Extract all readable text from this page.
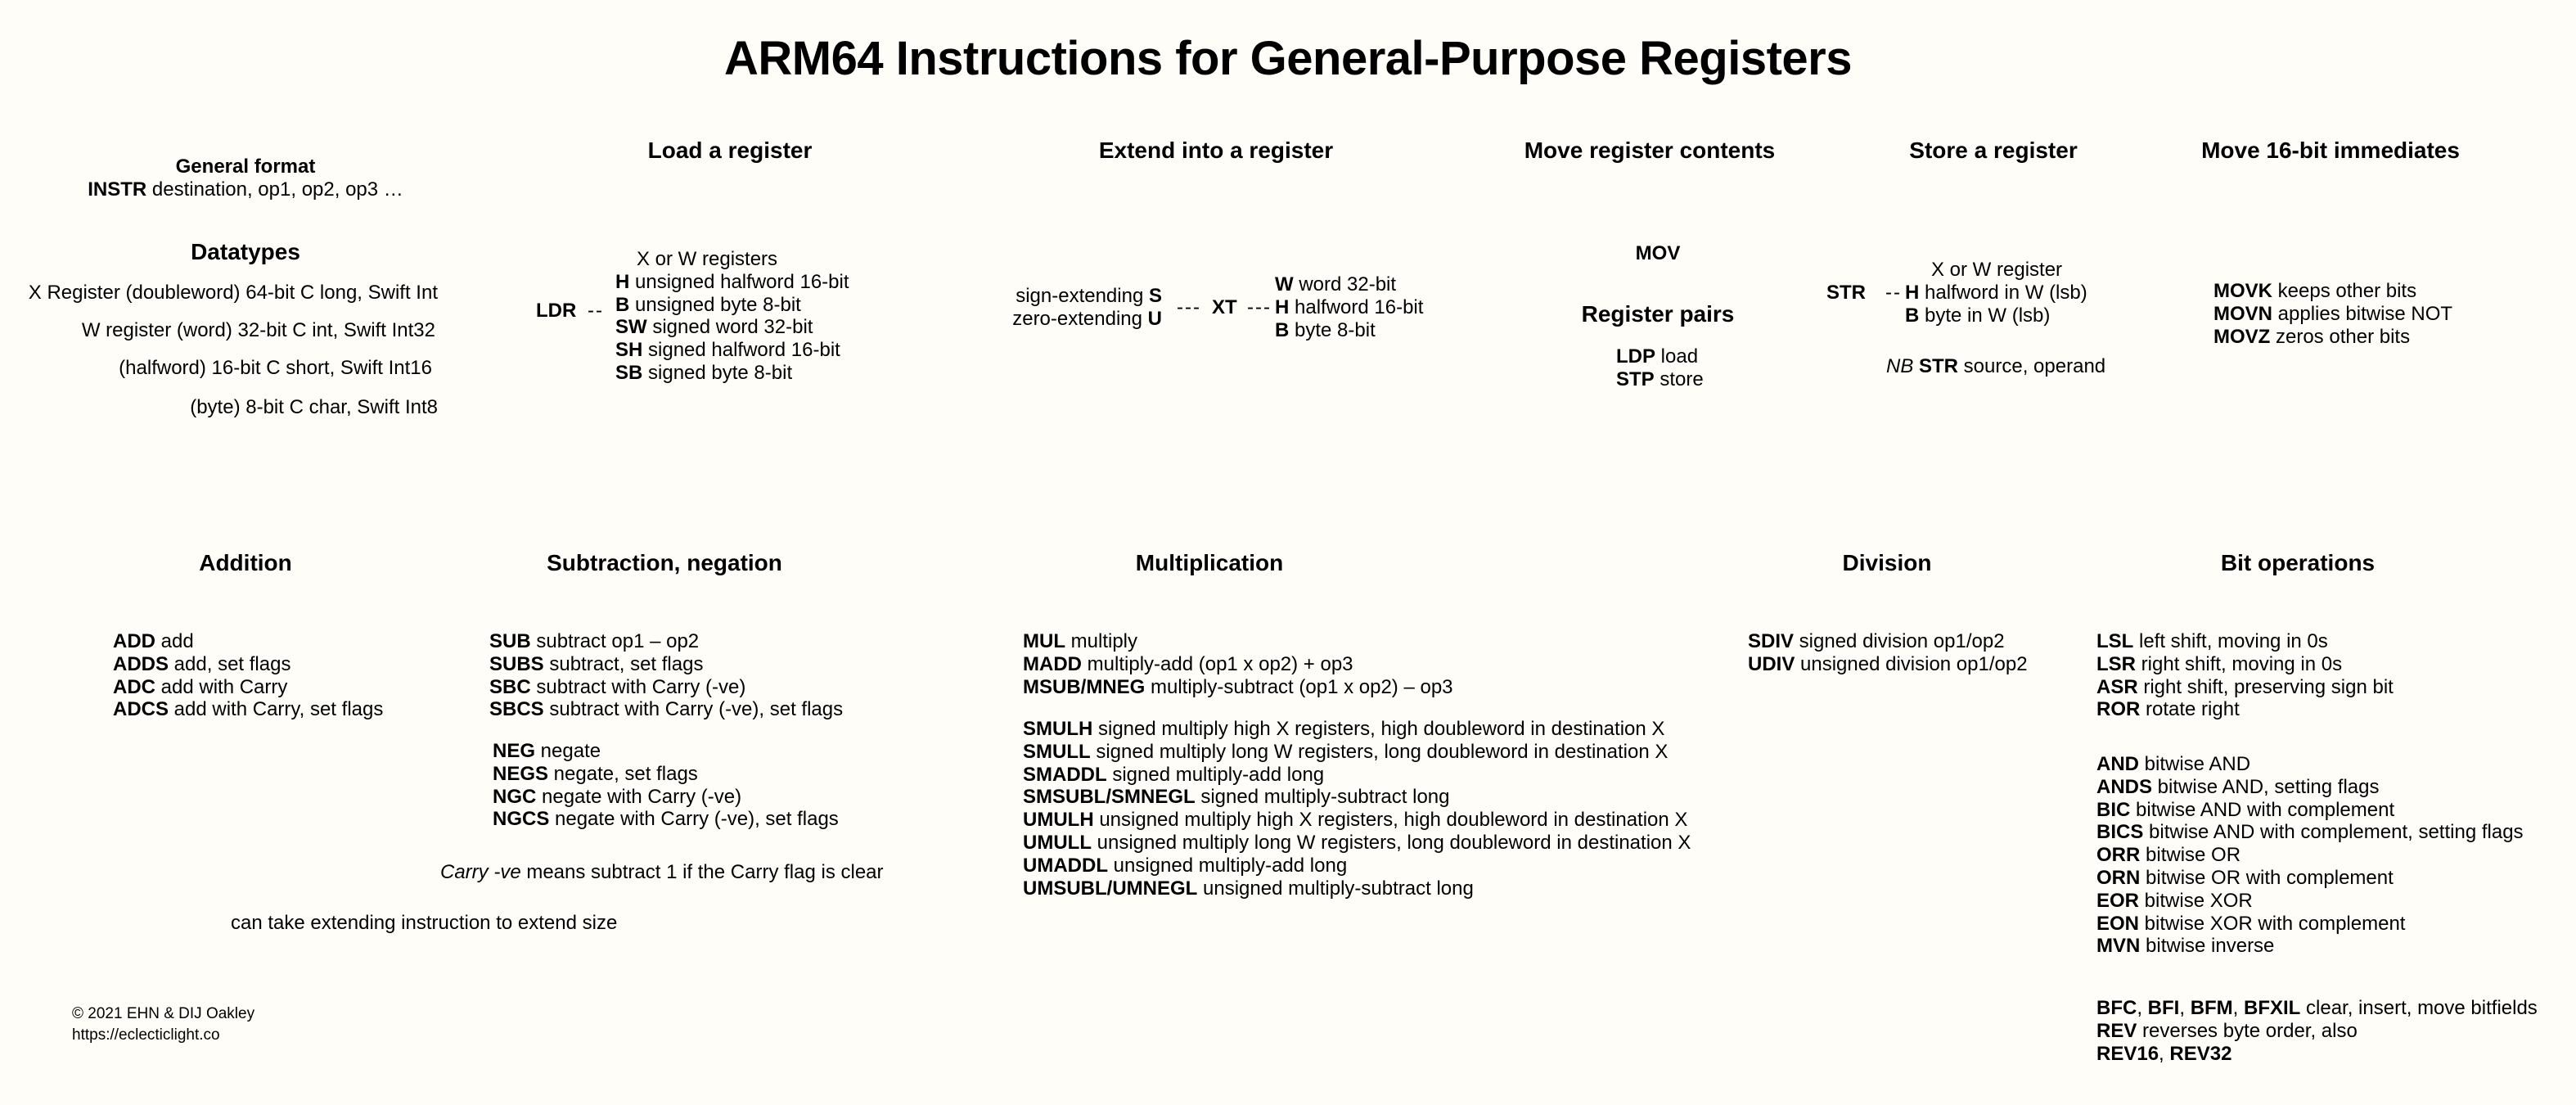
ARM64 Instructions for General-Purpose Registers
General format
INSTR destination, op1, op2, op3 …
Datatypes
X Register (doubleword) 64-bit C long, Swift Int
W register (word) 32-bit C int, Swift Int32
(halfword) 16-bit C short, Swift Int16
(byte) 8-bit C char, Swift Int8
Load a register
LDR --
X or W registers
H unsigned halfword 16-bit
B unsigned byte 8-bit
SW signed word 32-bit
SH signed halfword 16-bit
SB signed byte 8-bit
Extend into a register
sign-extending S
zero-extending U
--- XT ---
W word 32-bit
H halfword 16-bit
B byte 8-bit
Move register contents
MOV
Register pairs
LDP load
STP store
Store a register
STR --
X or W register
H halfword in W (lsb)
B byte in W (lsb)
NB STR source, operand
Move 16-bit immediates
MOVK keeps other bits
MOVN applies bitwise NOT
MOVZ zeros other bits
Addition
ADD add
ADDS add, set flags
ADC add with Carry
ADCS add with Carry, set flags
can take extending instruction to extend size
Subtraction, negation
SUB subtract op1 – op2
SUBS subtract, set flags
SBC subtract with Carry (-ve)
SBCS subtract with Carry (-ve), set flags
NEG negate
NEGS negate, set flags
NGC negate with Carry (-ve)
NGCS negate with Carry (-ve), set flags
Carry -ve means subtract 1 if the Carry flag is clear
Multiplication
MUL multiply
MADD multiply-add (op1 x op2) + op3
MSUB/MNEG multiply-subtract (op1 x op2) – op3
SMULH signed multiply high X registers, high doubleword in destination X
SMULL signed multiply long W registers, long doubleword in destination X
SMADDL signed multiply-add long
SMSUBL/SMNEGL signed multiply-subtract long
UMULH unsigned multiply high X registers, high doubleword in destination X
UMULL unsigned multiply long W registers, long doubleword in destination X
UMADDL unsigned multiply-add long
UMSUBL/UMNEGL unsigned multiply-subtract long
Division
SDIV signed division op1/op2
UDIV unsigned division op1/op2
Bit operations
LSL left shift, moving in 0s
LSR right shift, moving in 0s
ASR right shift, preserving sign bit
ROR rotate right
AND bitwise AND
ANDS bitwise AND, setting flags
BIC bitwise AND with complement
BICS bitwise AND with complement, setting flags
ORR bitwise OR
ORN bitwise OR with complement
EOR bitwise XOR
EON bitwise XOR with complement
MVN bitwise inverse
BFC, BFI, BFM, BFXIL clear, insert, move bitfields
REV reverses byte order, also
REV16, REV32
© 2021 EHN & DIJ Oakley
https://eclecticlight.co
